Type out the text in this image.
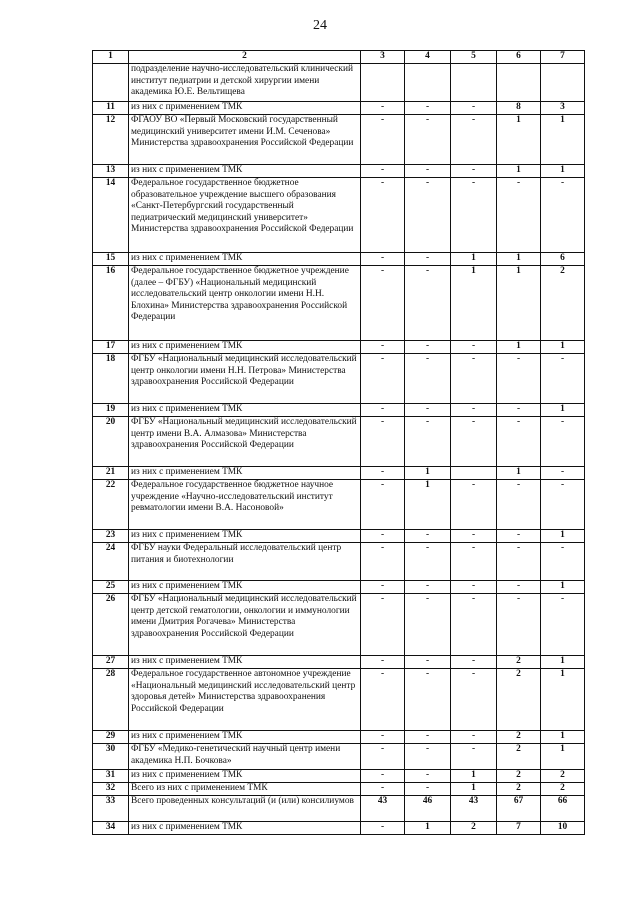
24
1	2	3	4	5	6	7
	подразделение научно-исследовательский клинический институт педиатрии и детской хирургии имени академика Ю.Е. Вельтищева					
11	из них с применением ТМК	-	-	-	8	3
12	ФГАОУ ВО «Первый Московский государственный медицинский университет имени И.М. Сеченова» Министерства здравоохранения Российской Федерации	-	-	-	1	1
13	из них с применением ТМК	-	-	-	1	1
14	Федеральное государственное бюджетное образовательное учреждение высшего образования «Санкт-Петербургский государственный педиатрический медицинский университет» Министерства здравоохранения Российской Федерации	-	-	-	-	-
15	из них с применением ТМК	-	-	1	1	6
16	Федеральное государственное бюджетное учреждение (далее – ФГБУ) «Национальный медицинский исследовательский центр онкологии имени Н.Н. Блохина» Министерства здравоохранения Российской Федерации	-	-	1	1	2
17	из них с применением ТМК	-	-	-	1	1
18	ФГБУ «Национальный медицинский исследовательский центр онкологии имени Н.Н. Петрова» Министерства здравоохранения Российской Федерации	-	-	-	-	-
19	из них с применением ТМК	-	-	-	-	1
20	ФГБУ «Национальный медицинский исследовательский центр имени В.А. Алмазова» Министерства здравоохранения Российской Федерации	-	-	-	-	-
21	из них с применением ТМК	-	1		1	-
22	Федеральное государственное бюджетное научное учреждение «Научно-исследовательский институт ревматологии имени В.А. Насоновой»	-	1	-	-	-
23	из них с применением ТМК	-	-	-	-	1
24	ФГБУ науки Федеральный исследовательский центр питания и биотехнологии	-	-	-	-	-
25	из них с применением ТМК	-	-	-	-	1
26	ФГБУ «Национальный медицинский исследовательский центр детской гематологии, онкологии и иммунологии имени Дмитрия Рогачева» Министерства здравоохранения Российской Федерации	-	-	-	-	-
27	из них с применением ТМК	-	-	-	2	1
28	Федеральное государственное автономное учреждение «Национальный медицинский исследовательский центр здоровья детей» Министерства здравоохранения Российской Федерации	-	-	-	2	1
29	из них с применением ТМК	-	-	-	2	1
30	ФГБУ «Медико-генетический научный центр имени академика Н.П. Бочкова»	-	-	-	2	1
31	из них с применением ТМК	-	-	1	2	2
32	Всего из них с применением ТМК	-	-	1	2	2
33	Всего проведенных консультаций (и (или) консилиумов	43	46	43	67	66
34	из них с применением ТМК	-	1	2	7	10
